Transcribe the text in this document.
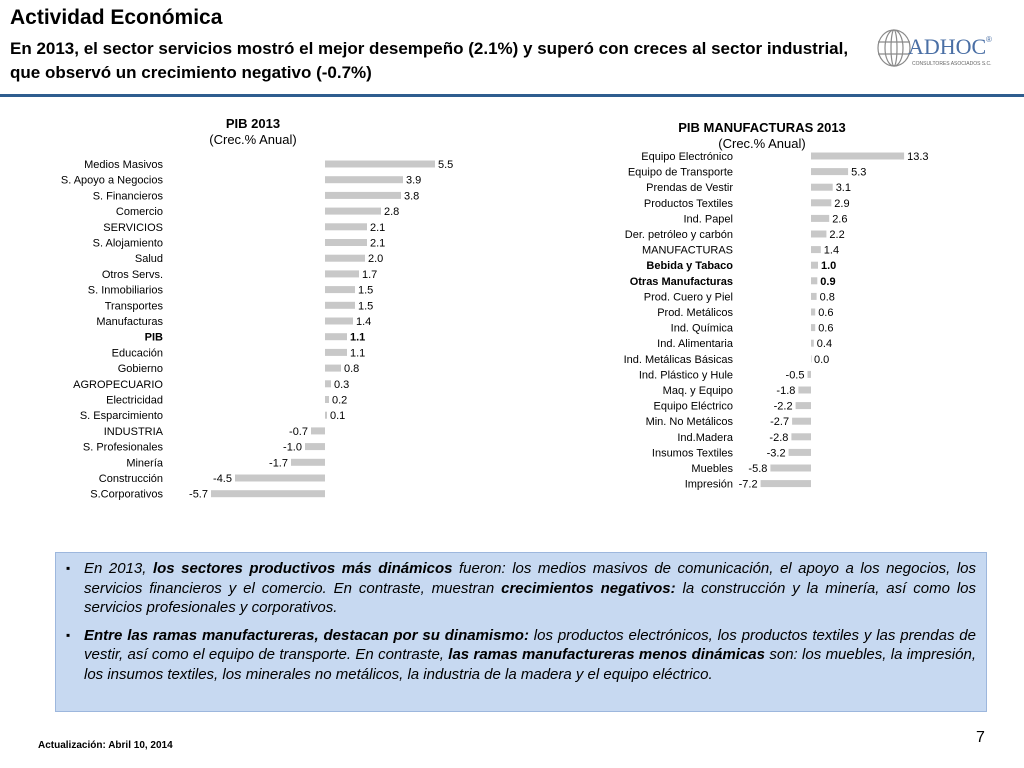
Actividad Económica
En 2013, el sector servicios mostró el mejor desempeño (2.1%) y superó con creces al sector industrial, que observó un crecimiento negativo (-0.7%)
ADHOC ®
CONSULTORES ASOCIADOS S.C.
PIB 2013
(Crec.% Anual)
Medios Masivos	5.5
S. Apoyo a Negocios	3.9
S. Financieros	3.8
Comercio	2.8
SERVICIOS	2.1
S. Alojamiento	2.1
Salud	2.0
Otros Servs.	1.7
S. Inmobiliarios	1.5
Transportes	1.5
Manufacturas	1.4
PIB	1.1
Educación	1.1
Gobierno	0.8
AGROPECUARIO	0.3
Electricidad	0.2
S. Esparcimiento	0.1
INDUSTRIA	-0.7
S. Profesionales	-1.0
Minería	-1.7
Construcción	-4.5
S.Corporativos -5.7
PIB MANUFACTURAS 2013
(Crec.% Anual)
Equipo Electrónico	13.3
Equipo de Transporte	5.3
Prendas de Vestir	3.1
Productos Textiles	2.9
Ind. Papel	2.6
Der. petróleo y carbón	2.2
MANUFACTURAS	1.4
Bebida y Tabaco	1.0
Otras Manufacturas	0.9
Prod. Cuero y Piel	0.8
Prod. Metálicos	0.6
Ind. Química	0.6
Ind. Alimentaria	0.4
Ind. Metálicas Básicas	0.0
Ind. Plástico y Hule	-0.5
Maq. y Equipo	-1.8
Equipo Eléctrico	-2.2
Min. No Metálicos	-2.7
Ind.Madera	-2.8
Insumos Textiles	-3.2
Muebles -5.8
Impresión -7.2
▪ En 2013, los sectores productivos más dinámicos fueron: los medios masivos de comunicación, el apoyo a los negocios, los servicios financieros y el comercio. En contraste, muestran crecimientos negativos: la construcción y la minería, así como los servicios profesionales y corporativos.
▪ Entre las ramas manufactureras, destacan por su dinamismo: los productos electrónicos, los productos textiles y las prendas de vestir, así como el equipo de transporte. En contraste, las ramas manufactureras menos dinámicas son: los muebles, la impresión, los insumos textiles, los minerales no metálicos, la industria de la madera y el equipo eléctrico.
Actualización: Abril 10, 2014	7
